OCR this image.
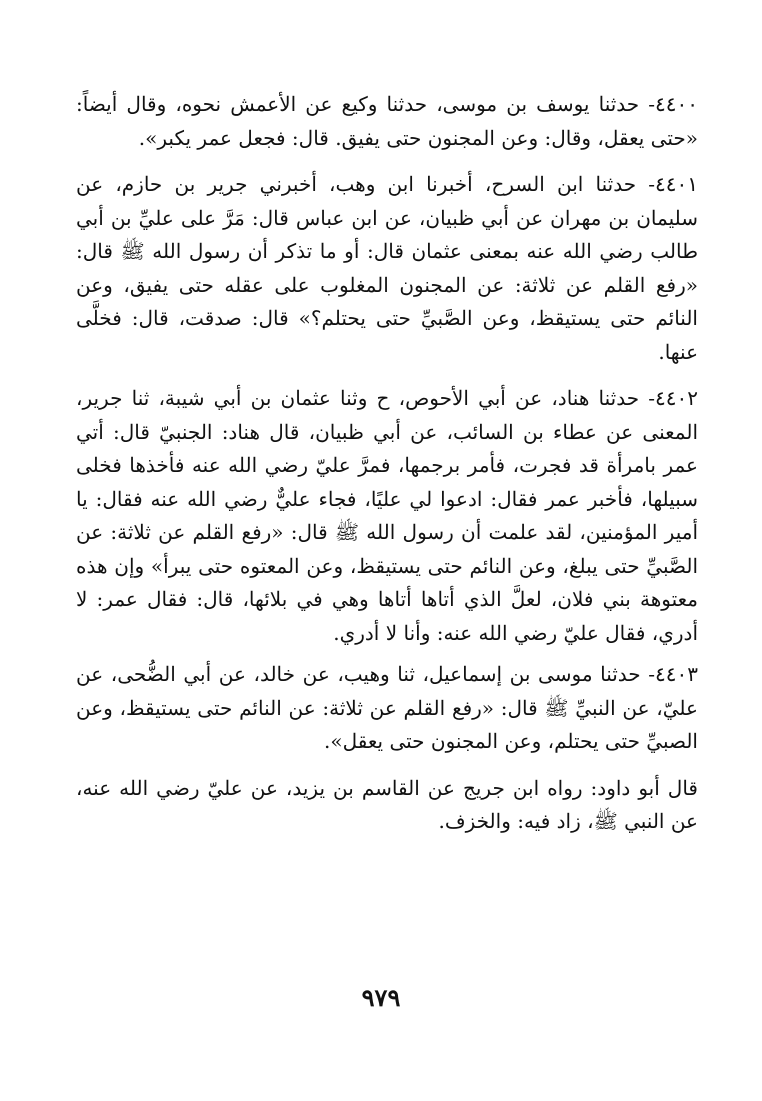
٤٤٠٠- حدثنا يوسف بن موسى، حدثنا وكيع عن الأعمش نحوه، وقال أيضاً: «حتى يعقل، وقال: وعن المجنون حتى يفيق. قال: فجعل عمر يكبر».

٤٤٠١- حدثنا ابن السرح، أخبرنا ابن وهب، أخبرني جرير بن حازم، عن سليمان بن مهران عن أبي ظبيان، عن ابن عباس قال: مَرَّ على عليِّ بن أبي طالب رضي الله عنه بمعنى عثمان قال: أو ما تذكر أن رسول الله ﷺ قال: «رفع القلم عن ثلاثة: عن المجنون المغلوب على عقله حتى يفيق، وعن النائم حتى يستيقظ، وعن الصَّبيِّ حتى يحتلم؟» قال: صدقت، قال: فخلَّى عنها.

٤٤٠٢- حدثنا هناد، عن أبي الأحوص، ح وثنا عثمان بن أبي شيبة، ثنا جرير، المعنى عن عطاء بن السائب، عن أبي ظبيان، قال هناد: الجنبيّ قال: أتي عمر بامرأة قد فجرت، فأمر برجمها، فمرَّ عليّ رضي الله عنه فأخذها فخلى سبيلها، فأخبر عمر فقال: ادعوا لي عليًا، فجاء عليٌّ رضي الله عنه فقال: يا أمير المؤمنين، لقد علمت أن رسول الله ﷺ قال: «رفع القلم عن ثلاثة: عن الصَّبيِّ حتى يبلغ، وعن النائم حتى يستيقظ، وعن المعتوه حتى يبرأ» وإن هذه معتوهة بني فلان، لعلَّ الذي أتاها أتاها وهي في بلائها، قال: فقال عمر: لا أدري، فقال عليّ رضي الله عنه: وأنا لا أدري.

٤٤٠٣- حدثنا موسى بن إسماعيل، ثنا وهيب، عن خالد، عن أبي الضُّحى، عن عليّ، عن النبيِّ ﷺ قال: «رفع القلم عن ثلاثة: عن النائم حتى يستيقظ، وعن الصبيِّ حتى يحتلم، وعن المجنون حتى يعقل».

قال أبو داود: رواه ابن جريج عن القاسم بن يزيد، عن عليّ رضي الله عنه، عن النبي ﷺ، زاد فيه: والخزف.

٩٧٩
